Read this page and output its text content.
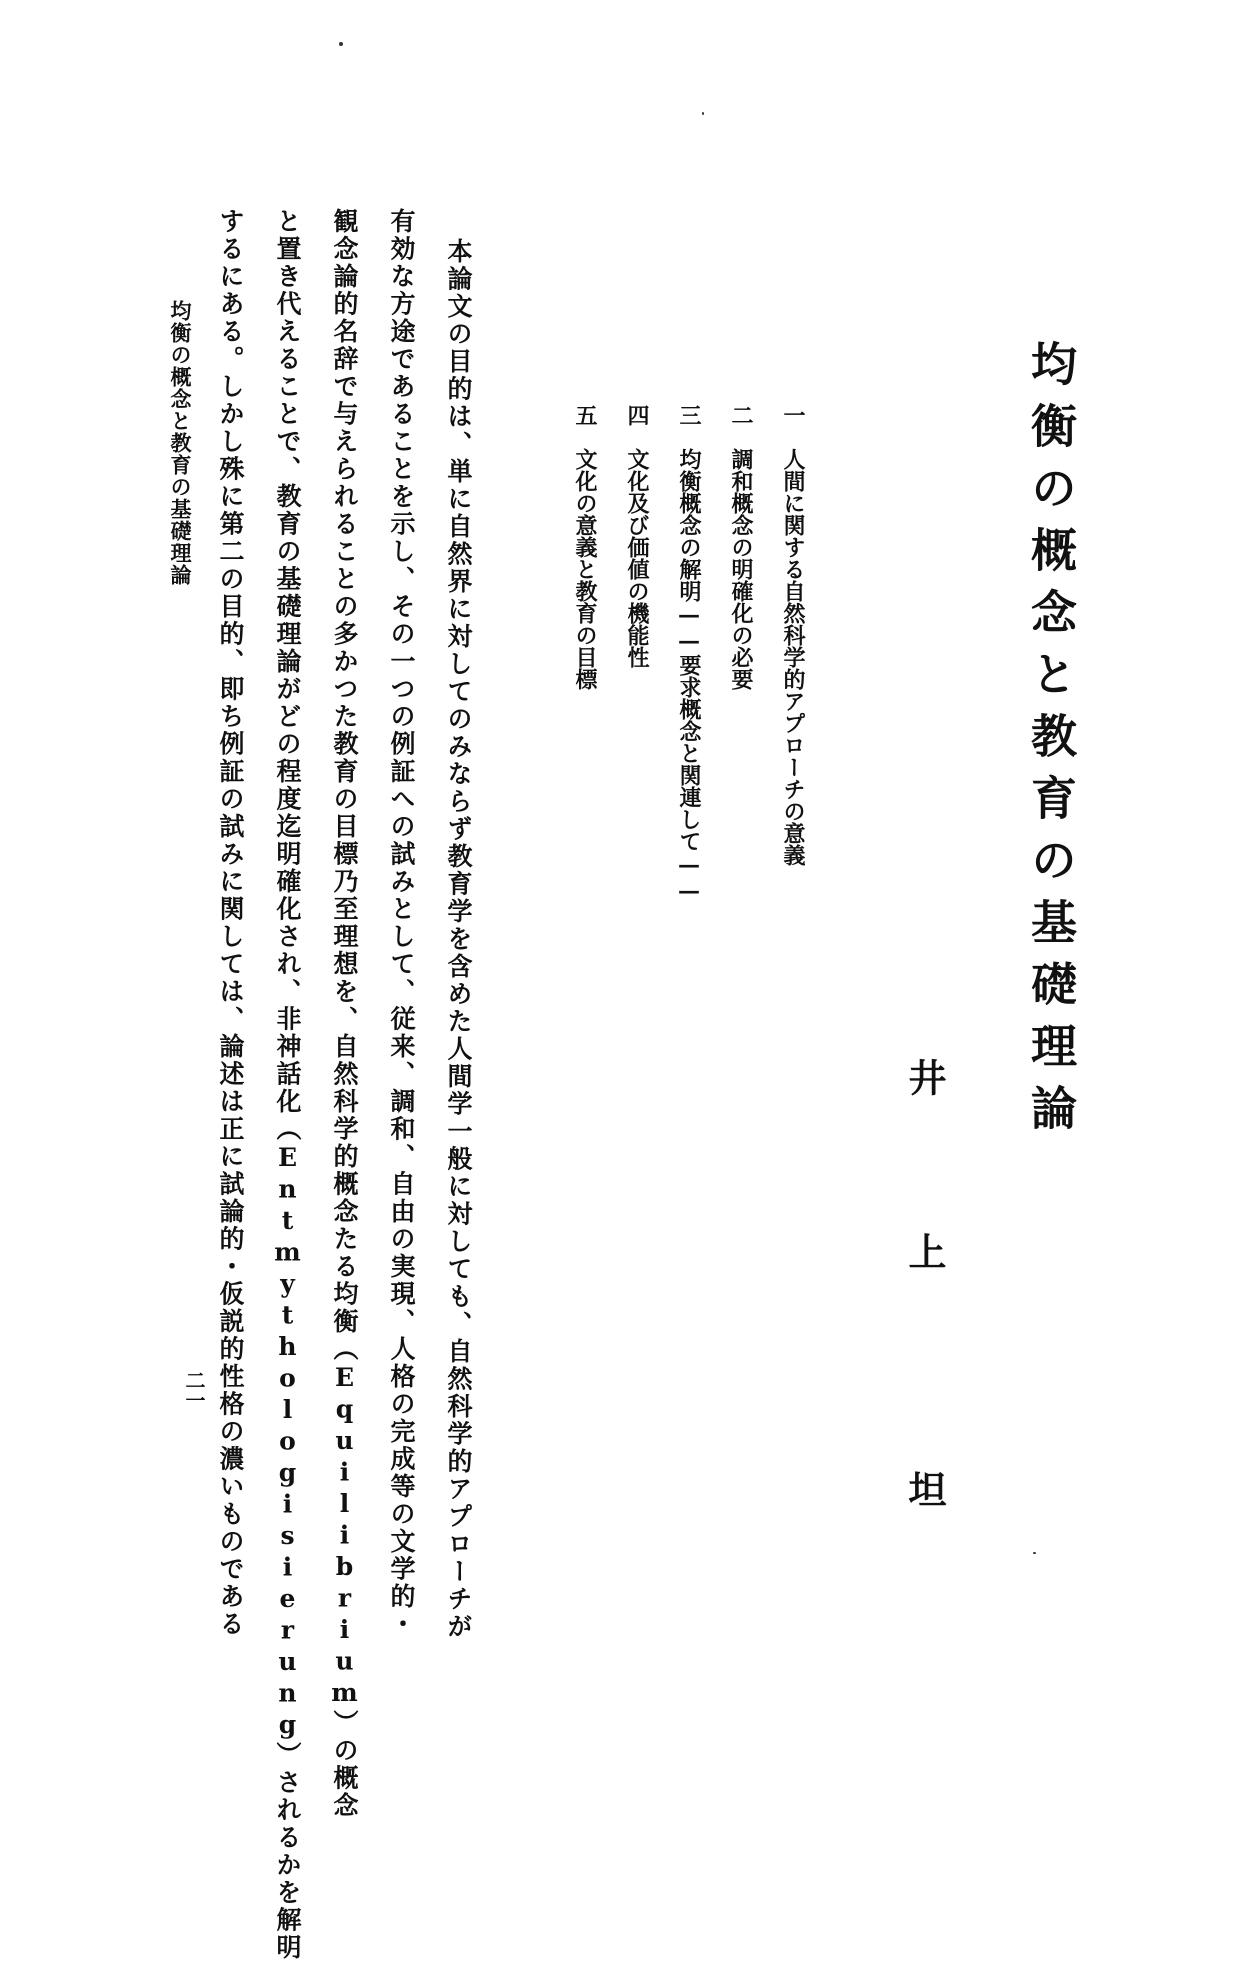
均衡の概念と教育の基礎理論
井
上
坦
一人間に関する自然科学的アプローチの意義
二調和概念の明確化の必要
三均衡概念の解明——要求概念と関連して——
四文化及び価値の機能性
五文化の意義と教育の目標
本論文の目的は、単に自然界に対してのみならず教育学を含めた人間学一般に対しても、自然科学的アプローチが
有効な方途であることを示し、その一つの例証への試みとして、従来、調和、自由の実現、人格の完成等の文学的・
観念論的名辞で与えられることの多かつた教育の目標乃至理想を、自然科学的概念たる均衡（Equilibrium）の概念
と置き代えることで、教育の基礎理論がどの程度迄明確化され、非神話化（Entmythologisierung）されるかを解明
するにある。しかし殊に第二の目的、即ち例証の試みに関しては、論述は正に試論的・仮説的性格の濃いものである
均衡の概念と教育の基礎理論
二一
